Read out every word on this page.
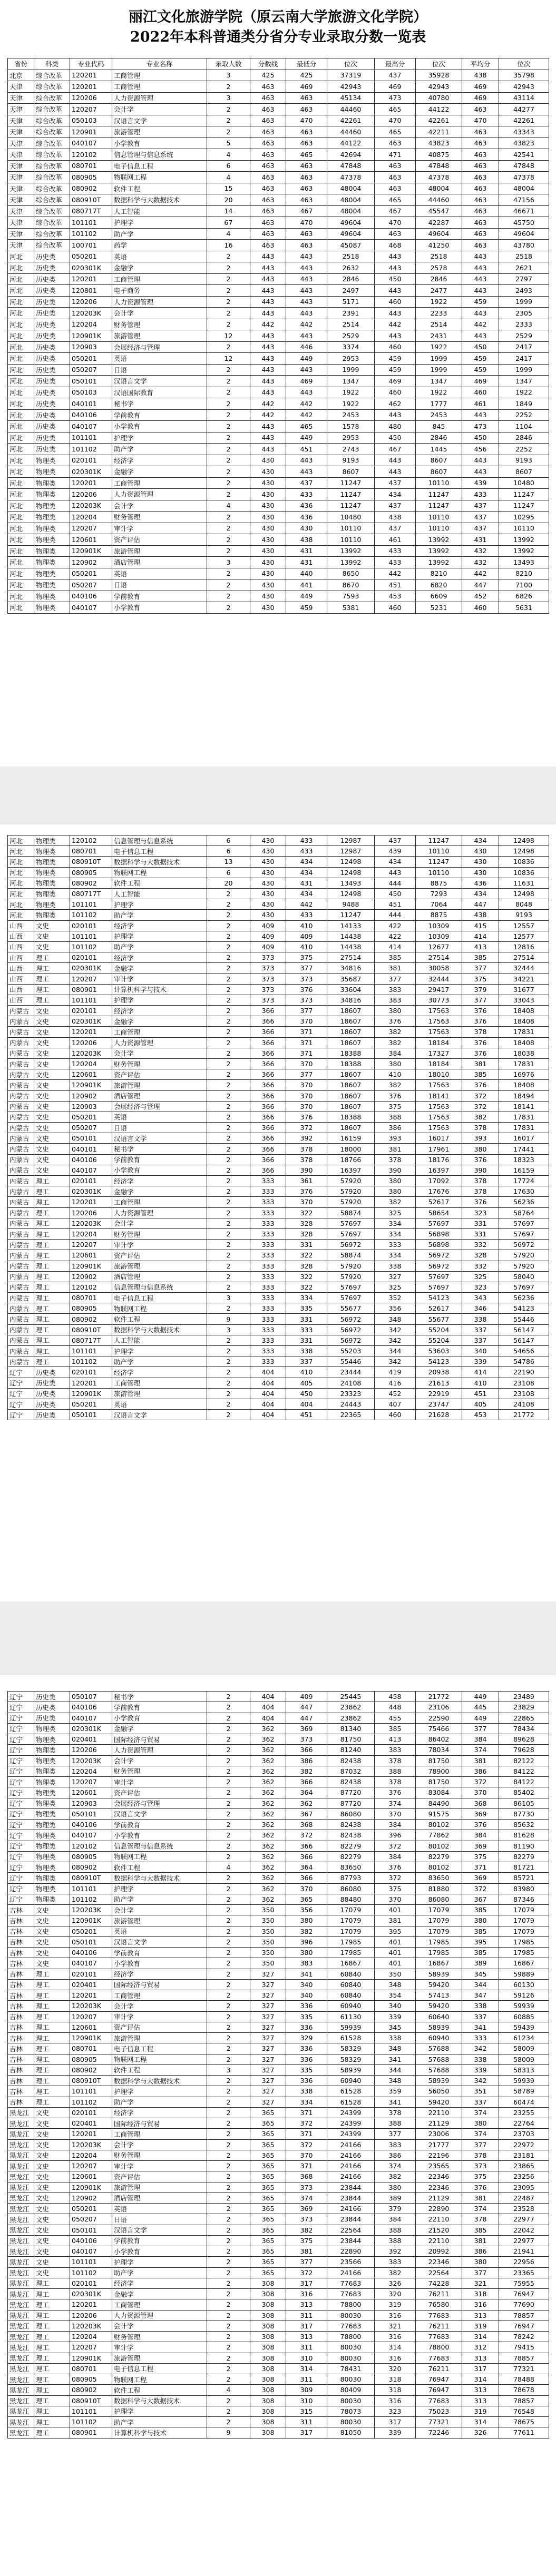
丽江文化旅游学院（原云南大学旅游文化学院）
2022年本科普通类分省分专业录取分数一览表
省份	科类	专业代码	专业名称	录取人数	分数线	最低分	位次	最高分	位次	平均分	位次
北京	综合改革	120201	工商管理	3	425	425	37319	437	35928	438	35798
天津	综合改革	120201	工商管理	2	463	469	42943	469	42943	469	42943
天津	综合改革	120206	人力资源管理	3	463	463	45134	473	40780	469	43114
天津	综合改革	120207	会计学	2	463	463	44460	465	44122	463	44277
天津	综合改革	050103	汉语言文学	2	463	470	42261	470	42261	470	42261
天津	综合改革	120901	旅游管理	2	463	463	44460	465	42211	463	43343
天津	综合改革	040107	小学教育	5	463	463	44122	463	43823	463	43823
天津	综合改革	120102	信息管理与信息系统	4	463	465	42694	471	40875	463	42541
天津	综合改革	080701	电子信息工程	6	463	463	47848	463	47848	463	47848
天津	综合改革	080905	物联网工程	4	463	463	47378	463	47378	463	47378
天津	综合改革	080902	软件工程	15	463	463	48004	463	48004	463	48004
天津	综合改革	080910T	数据科学与大数据技术	20	463	463	48004	465	44460	463	47156
天津	综合改革	080717T	人工智能	14	463	467	48004	467	45547	463	46671
天津	综合改革	101101	护理学	67	463	470	49604	470	42287	463	45750
天津	综合改革	101102	助产学	4	463	463	49604	463	49604	463	49604
天津	综合改革	100701	药学	16	463	463	45087	468	41250	463	43780
河北	历史类	050201	英语	2	443	443	2518	443	2518	443	2518
河北	历史类	020301K	金融学	2	443	443	2632	443	2578	443	2621
河北	历史类	120201	工商管理	2	443	443	2846	450	2846	443	2797
河北	历史类	120801	电子商务	2	443	443	2497	443	2477	443	2493
河北	历史类	120206	人力资源管理	2	443	443	5171	460	1922	459	1999
河北	历史类	120203K	会计学	2	443	443	2391	443	2233	443	2305
河北	历史类	120204	财务管理	2	442	442	2514	442	2514	442	2333
河北	历史类	120901K	旅游管理	12	443	443	2529	443	2431	443	2529
河北	历史类	120903	会展经济与管理	2	443	446	3374	460	1922	450	2417
河北	历史类	050201	英语	12	443	449	2953	459	1999	459	2417
河北	历史类	050207	日语	2	443	443	1999	459	1999	459	1999
河北	历史类	050101	汉语言文学	2	443	469	1347	469	1347	469	1347
河北	历史类	050103	汉语国际教育	2	443	443	1922	460	1922	460	1922
河北	历史类	040101	秘书学	2	442	442	1922	462	1777	461	1849
河北	历史类	040106	学前教育	2	442	442	2453	443	2453	443	2252
河北	历史类	040107	小学教育	2	443	465	1578	480	845	473	1104
河北	历史类	101101	护理学	2	443	449	2953	450	2846	450	2846
河北	历史类	101102	助产学	2	443	451	2743	467	1445	456	2252
河北	物理类	020101	经济学	2	430	443	9193	443	8607	443	9193
河北	物理类	020301K	金融学	2	430	443	8607	443	8607	443	8607
河北	物理类	120201	工商管理	2	430	437	11247	437	10110	439	10480
河北	物理类	120206	人力资源管理	2	430	433	11247	434	11247	433	11247
河北	物理类	120203K	会计学	4	430	436	11247	437	11247	437	11247
河北	物理类	120204	财务管理	2	430	436	10480	438	10110	437	10295
河北	物理类	120207	审计学	2	430	430	10110	437	10110	437	10110
河北	物理类	120601	资产评估	2	430	438	10110	461	13992	431	13992
河北	物理类	120901K	旅游管理	2	430	431	13992	433	13992	432	13992
河北	物理类	120902	酒店管理	3	430	431	13992	433	13992	432	13493
河北	物理类	050201	英语	2	430	440	8650	442	8210	442	8210
河北	物理类	050207	日语	2	430	441	8670	451	6820	447	7100
河北	物理类	040106	学前教育	2	430	449	7593	453	6609	452	6826
河北	物理类	040107	小学教育	2	430	459	5381	460	5231	460	5631
河北	物理类	120102	信息管理与信息系统	6	430	433	12987	437	11247	434	12498
河北	物理类	080701	电子信息工程	6	430	433	12987	439	10110	430	12498
河北	物理类	080910T	数据科学与大数据技术	13	430	434	12498	434	11247	430	10836
河北	物理类	080905	物联网工程	6	430	434	12498	443	10110	430	10836
河北	物理类	080902	软件工程	20	430	431	13493	444	8875	436	11631
河北	物理类	080717T	人工智能	2	430	434	12498	450	7293	434	12498
河北	物理类	101101	护理学	2	430	442	9488	451	7064	447	8048
河北	物理类	101102	助产学	2	430	433	11247	444	8875	438	9193
山西	文史	020101	经济学	2	409	410	14133	422	10309	415	12557
山西	文史	101101	护理学	2	409	409	14438	422	10309	414	12577
山西	文史	101102	助产学	2	409	410	14438	414	12677	413	12816
山西	理工	020101	经济学	2	373	375	27514	385	27514	385	27514
山西	理工	020301K	金融学	2	373	377	34816	381	30058	377	32444
山西	理工	120207	审计学	2	373	373	35687	377	32444	375	34221
山西	理工	080901	计算机科学与技术	2	373	376	33604	383	29417	379	31677
山西	理工	101101	护理学	2	373	373	34816	383	30773	377	33043
内蒙古	文史	020101	经济学	2	366	377	18607	380	17563	376	18408
内蒙古	文史	020301K	金融学	2	366	370	18607	376	17563	376	18408
内蒙古	文史	120201	工商管理	2	366	371	18607	382	17563	378	17831
内蒙古	文史	120206	人力资源管理	2	366	371	18607	382	18184	376	18408
内蒙古	文史	120203K	会计学	2	366	371	18388	384	17327	376	18038
内蒙古	文史	120204	财务管理	2	366	370	18388	380	18184	381	17831
内蒙古	文史	120601	资产评估	2	366	377	18607	410	18010	385	16976
内蒙古	文史	120901K	旅游管理	2	366	370	18607	382	17563	376	18408
内蒙古	文史	120902	酒店管理	2	366	370	18607	376	18141	372	18494
内蒙古	文史	120903	会展经济与管理	2	366	370	18607	375	17563	372	18141
内蒙古	文史	050201	英语	2	366	376	18388	388	17563	382	17831
内蒙古	文史	050207	日语	2	366	372	18607	386	17563	378	17831
内蒙古	文史	050101	汉语言文学	2	366	392	16159	393	16017	393	16017
内蒙古	文史	040101	秘书学	2	366	378	18000	381	17961	380	17441
内蒙古	文史	040106	学前教育	2	366	378	18766	378	18176	376	18323
内蒙古	文史	040107	小学教育	2	366	390	16397	390	16397	390	16159
内蒙古	理工	020101	经济学	2	333	361	57920	380	17092	378	17724
内蒙古	理工	020301K	金融学	2	333	376	57920	380	17676	378	17630
内蒙古	理工	120201	工商管理	2	333	370	57920	382	52617	376	56236
内蒙古	理工	120206	人力资源管理	2	333	322	58874	325	58654	323	58764
内蒙古	理工	120203K	会计学	2	333	328	57697	334	57697	331	57697
内蒙古	理工	120204	财务管理	2	333	328	57697	334	56898	331	57697
内蒙古	理工	120207	审计学	2	333	331	56972	333	56898	332	56972
内蒙古	理工	120601	资产评估	2	333	322	58874	334	56972	328	57920
内蒙古	理工	120901K	旅游管理	2	333	328	57920	338	56972	332	57920
内蒙古	理工	120902	酒店管理	2	333	322	57920	327	57697	325	58040
内蒙古	理工	120102	信息管理与信息系统	2	333	322	57697	325	57697	323	57697
内蒙古	理工	080701	电子信息工程	3	333	334	57697	352	54123	343	56236
内蒙古	理工	080905	物联网工程	2	333	335	55677	356	52617	346	54123
内蒙古	理工	080902	软件工程	9	333	331	56972	348	55677	338	55446
内蒙古	理工	080910T	数据科学与大数据技术	3	333	333	56972	342	55204	337	56147
内蒙古	理工	080717T	人工智能	2	333	331	56972	342	55204	337	56147
内蒙古	理工	101101	护理学	2	333	338	55203	344	53603	340	54656
内蒙古	理工	101102	助产学	2	333	337	55446	342	54123	339	54786
辽宁	历史类	020101	经济学	2	404	410	23444	419	20938	414	22190
辽宁	历史类	120201	工商管理	2	404	405	24108	416	21613	410	23108
辽宁	历史类	120901K	旅游管理	2	404	450	23323	452	22919	451	23108
辽宁	历史类	050201	英语	2	404	404	24443	407	23747	405	24108
辽宁	历史类	050101	汉语言文学	2	404	451	22365	460	21628	453	21772
辽宁	历史类	050107	秘书学	2	404	409	25445	458	21772	449	23489
辽宁	历史类	040106	学前教育	2	404	447	23862	448	23106	445	23829
辽宁	历史类	040107	小学教育	2	404	447	23862	455	22590	449	22865
辽宁	物理类	020301K	金融学	2	362	369	81340	385	75466	377	78434
辽宁	物理类	020401	国际经济与贸易	2	362	373	81750	413	86402	384	89628
辽宁	物理类	120206	人力资源管理	2	362	366	81240	383	78034	374	79628
辽宁	物理类	120203K	会计学	2	362	386	82438	378	81750	381	82122
辽宁	物理类	120204	财务管理	2	362	382	87032	388	78900	386	84122
辽宁	物理类	120207	审计学	2	362	366	82438	378	81750	372	84122
辽宁	物理类	120601	资产评估	2	362	364	87720	376	83084	370	85402
辽宁	物理类	120903	会展经济与管理	2	362	362	87720	374	84490	368	86105
辽宁	物理类	050101	汉语言文学	2	362	367	86080	370	91575	369	87730
辽宁	物理类	040106	学前教育	2	362	368	82438	384	80102	376	85632
辽宁	物理类	040107	小学教育	2	362	372	82438	396	77862	384	81628
辽宁	物理类	120102	信息管理与信息系统	2	362	366	82279	372	80102	369	81190
辽宁	物理类	080905	物联网工程	2	362	366	82279	384	82279	375	82279
辽宁	物理类	080902	软件工程	4	362	364	83650	376	80102	371	81721
辽宁	物理类	080910T	数据科学与大数据技术	2	362	366	87793	372	83650	369	85721
辽宁	物理类	101101	护理学	2	362	370	86080	375	81880	372	83980
辽宁	物理类	101102	助产学	2	362	365	88480	370	86080	367	87346
吉林	文史	120203K	会计学	2	350	356	17079	401	17079	385	17079
吉林	文史	120901K	旅游管理	2	350	380	17079	381	17079	380	17079
吉林	文史	050201	英语	2	350	382	17079	395	17079	385	17079
吉林	文史	050101	汉语言文学	2	350	396	17985	401	17985	395	17985
吉林	文史	040106	学前教育	2	350	380	17985	401	17985	385	17985
吉林	文史	040107	小学教育	2	350	383	16867	401	16867	389	16867
吉林	理工	020101	经济学	2	327	341	60840	350	58939	345	59889
吉林	理工	020401	国际经济与贸易	2	327	340	60840	348	59420	344	60130
吉林	理工	120201	工商管理	2	327	340	60840	354	57413	347	59126
吉林	理工	120203K	会计学	2	327	336	60940	340	59420	338	59939
吉林	理工	120207	审计学	2	327	335	61130	339	60640	337	60885
吉林	理工	120601	资产评估	2	327	336	59939	345	58939	341	59439
吉林	理工	120901K	旅游管理	2	327	329	61528	338	60940	333	61234
吉林	理工	080701	电子信息工程	2	327	336	58329	348	57688	342	58009
吉林	理工	080905	物联网工程	2	327	336	58329	341	57688	338	58009
吉林	理工	080902	软件工程	3	327	335	58939	344	57688	339	58313
吉林	理工	080910T	数据科学与大数据技术	2	327	336	60940	348	58939	342	59939
吉林	理工	101101	护理学	2	327	338	61528	359	56050	351	58789
吉林	理工	101102	助产学	2	327	334	61528	341	59420	337	60474
黑龙江	文史	020101	经济学	2	365	371	24399	378	22110	374	23255
黑龙江	文史	020401	国际经济与贸易	2	365	372	24399	388	21129	380	22764
黑龙江	文史	120201	工商管理	2	365	371	24399	377	23006	374	23703
黑龙江	文史	120203K	会计学	2	365	372	24166	383	21777	377	22972
黑龙江	文史	120204	财务管理	2	365	370	24166	386	22196	378	23181
黑龙江	文史	120207	审计学	2	365	371	24166	374	23565	373	23865
黑龙江	文史	120601	资产评估	2	365	368	24166	382	22346	375	23256
黑龙江	文史	120901K	旅游管理	2	365	373	23844	380	22346	376	23095
黑龙江	文史	120902	酒店管理	2	365	374	23844	389	21129	381	22487
黑龙江	文史	050201	英语	2	365	369	24166	379	22890	374	23528
黑龙江	文史	050207	日语	2	365	373	23844	384	22110	378	22977
黑龙江	文史	050101	汉语言文学	2	365	382	22564	388	21520	385	22042
黑龙江	文史	040106	学前教育	2	365	375	23844	388	22110	381	22977
黑龙江	文史	040107	小学教育	2	365	381	22890	392	20992	386	21941
黑龙江	文史	101101	护理学	2	365	377	23566	383	22346	380	22956
黑龙江	文史	101102	助产学	2	365	372	24166	382	22564	377	23365
黑龙江	理工	020101	经济学	2	308	317	77683	326	74228	321	75955
黑龙江	理工	020301K	金融学	2	308	316	77683	320	76211	318	76947
黑龙江	理工	120201	工商管理	2	308	313	78800	319	76580	316	77690
黑龙江	理工	120206	人力资源管理	2	308	311	80030	316	77683	313	78857
黑龙江	理工	120203K	会计学	2	308	317	77683	321	76211	319	76947
黑龙江	理工	120204	财务管理	2	308	313	78800	316	77683	314	78242
黑龙江	理工	120207	审计学	2	308	311	80030	314	78800	312	79415
黑龙江	理工	120901K	旅游管理	2	308	310	80030	316	77683	313	78857
黑龙江	理工	080701	电子信息工程	2	308	314	78431	320	76211	317	77321
黑龙江	理工	080905	物联网工程	2	308	311	80030	318	76947	314	78488
黑龙江	理工	080902	软件工程	4	308	309	80409	318	76947	313	78678
黑龙江	理工	080910T	数据科学与大数据技术	2	308	310	80030	316	77683	313	78857
黑龙江	理工	101101	护理学	2	308	315	78073	323	75023	319	76548
黑龙江	理工	101102	助产学	2	308	311	80030	317	77321	314	78675
黑龙江	理工	080901	计算机科学与技术	9	308	317	81050	339	72246	326	77611
